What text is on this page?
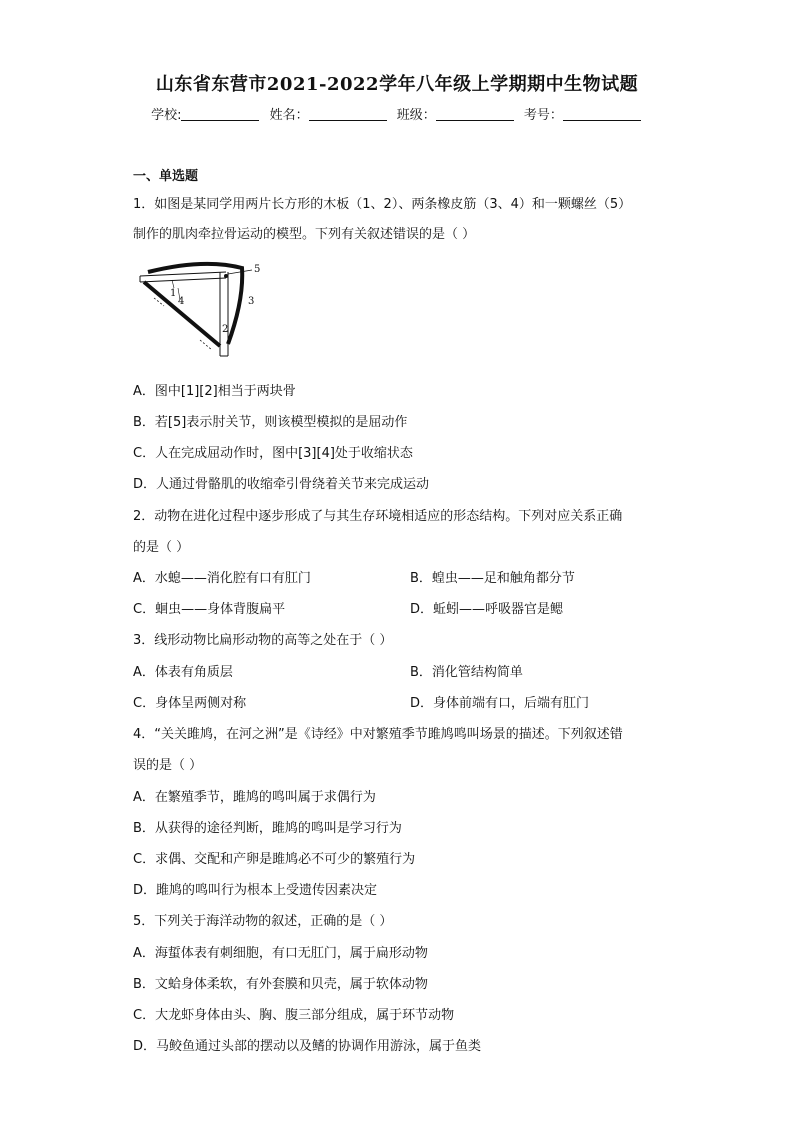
山东省东营市2021-2022学年八年级上学期期中生物试题
学校:	姓名：	班级：	考号：
一、单选题
1．如图是某同学用两片长方形的木板（1、2）、两条橡皮筋（3、4）和一颗螺丝（5）
制作的肌肉牵拉骨运动的模型。下列有关叙述错误的是（ ）
1
4
2
3
5
A．图中[1][2]相当于两块骨
B．若[5]表示肘关节，则该模型模拟的是屈动作
C．人在完成屈动作时，图中[3][4]处于收缩状态
D．人通过骨骼肌的收缩牵引骨绕着关节来完成运动
2．动物在进化过程中逐步形成了与其生存环境相适应的形态结构。下列对应关系正确
的是（ ）
A．水螅——消化腔有口有肛门	B．蝗虫——足和触角都分节
C．蛔虫——身体背腹扁平	D．蚯蚓——呼吸器官是鳃
3．线形动物比扁形动物的高等之处在于（ ）
A．体表有角质层	B．消化管结构简单
C．身体呈两侧对称	D．身体前端有口，后端有肛门
4．“关关雎鸠，在河之洲”是《诗经》中对繁殖季节雎鸠鸣叫场景的描述。下列叙述错
误的是（ ）
A．在繁殖季节，雎鸠的鸣叫属于求偶行为
B．从获得的途径判断，雎鸠的鸣叫是学习行为
C．求偶、交配和产卵是雎鸠必不可少的繁殖行为
D．雎鸠的鸣叫行为根本上受遗传因素决定
5．下列关于海洋动物的叙述，正确的是（ ）
A．海蜇体表有刺细胞，有口无肛门，属于扁形动物
B．文蛤身体柔软，有外套膜和贝壳，属于软体动物
C．大龙虾身体由头、胸、腹三部分组成，属于环节动物
D．马鲛鱼通过头部的摆动以及鳍的协调作用游泳，属于鱼类
